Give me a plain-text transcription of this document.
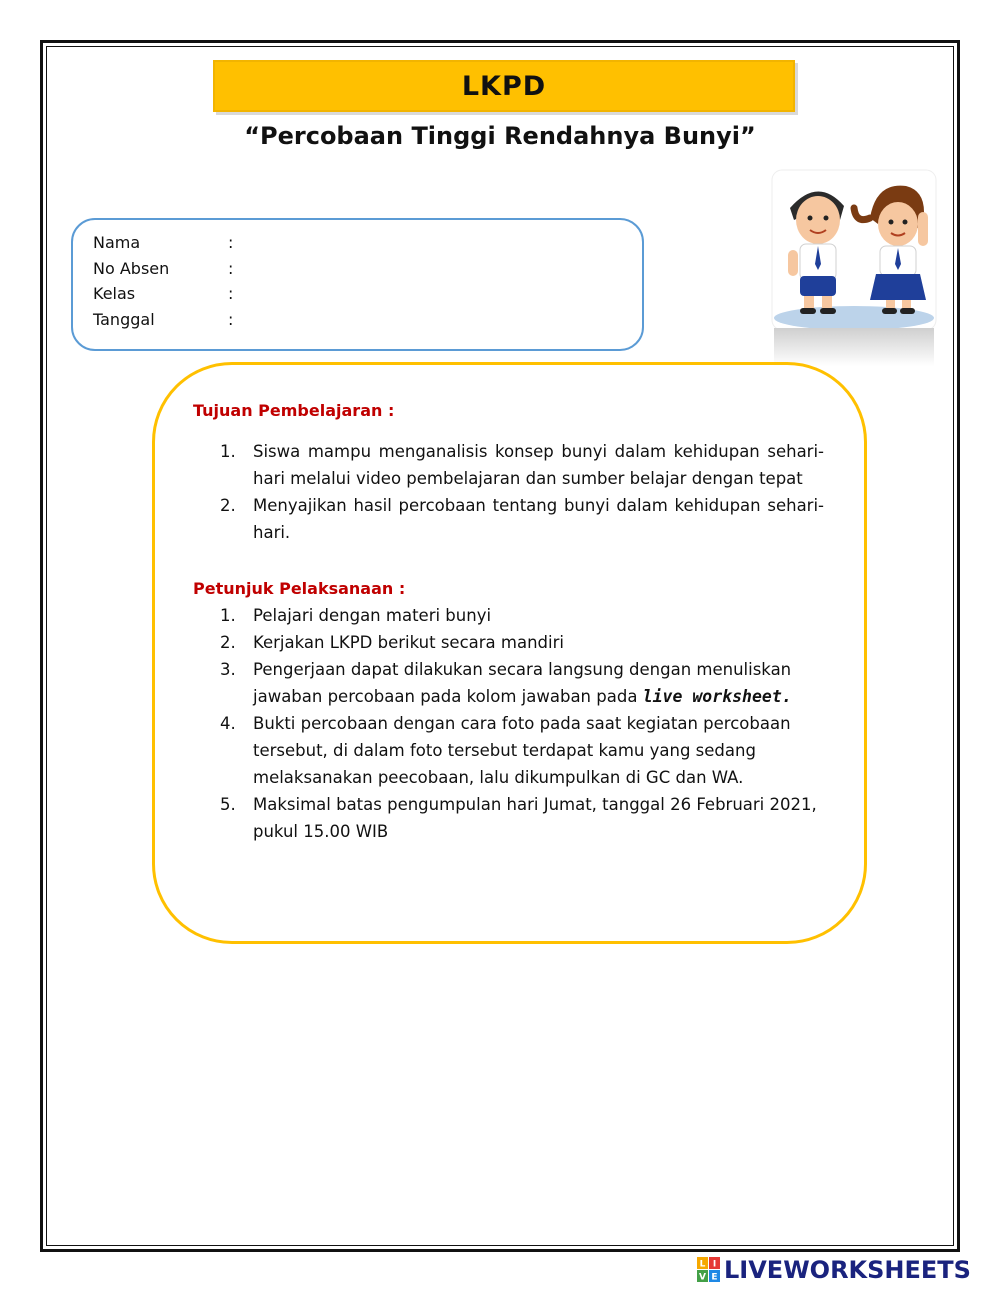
LKPD
“Percobaan Tinggi Rendahnya Bunyi”
Nama	:
No Absen	:
Kelas	:
Tanggal	:
Tujuan Pembelajaran :
1. Siswa mampu menganalisis konsep bunyi dalam kehidupan sehari-hari melalui video pembelajaran dan sumber belajar dengan tepat
2. Menyajikan hasil percobaan tentang bunyi dalam kehidupan sehari-hari.
Petunjuk Pelaksanaan :
1. Pelajari dengan materi bunyi
2. Kerjakan LKPD berikut secara mandiri
3. Pengerjaan dapat dilakukan secara langsung dengan menuliskan jawaban percobaan pada kolom jawaban pada live worksheet.
4. Bukti percobaan dengan cara foto pada saat kegiatan percobaan tersebut, di dalam foto tersebut terdapat kamu yang sedang melaksanakan peecobaan, lalu dikumpulkan di GC dan WA.
5. Maksimal batas pengumpulan hari Jumat, tanggal 26 Februari 2021, pukul 15.00 WIB
L I
V E LIVEWORKSHEETS
